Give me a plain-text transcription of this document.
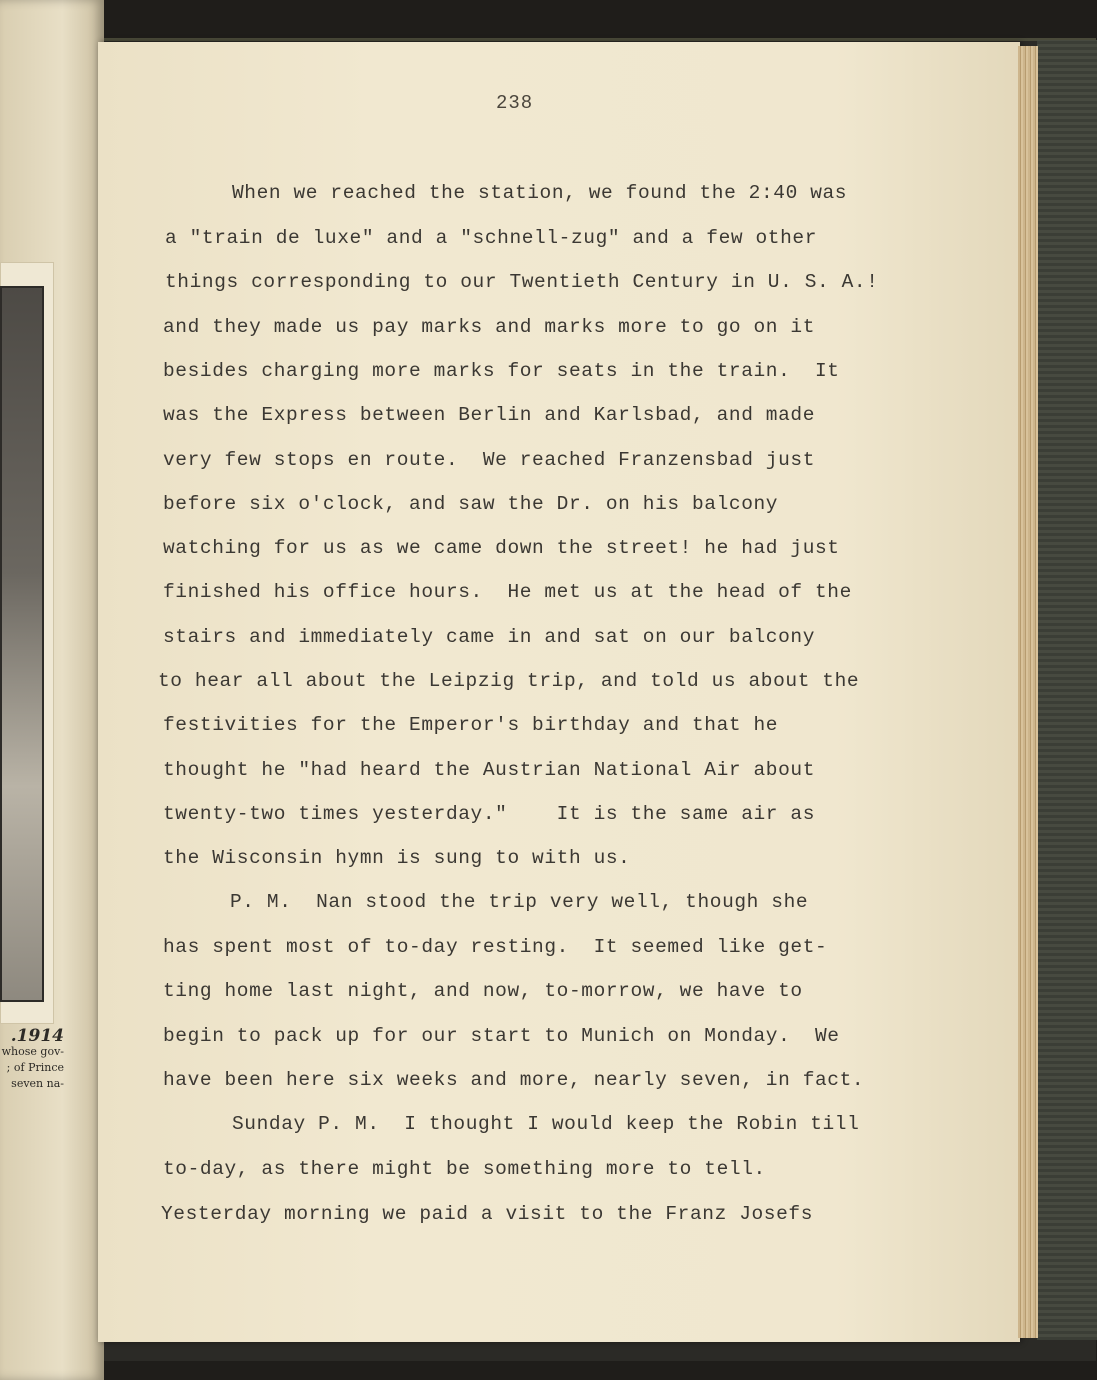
.1914
whose gov-
; of Prince
seven na-
238
When we reached the station, we found the 2:40 was
a "train de luxe" and a "schnell-zug" and a few other
things corresponding to our Twentieth Century in U. S. A.!
and they made us pay marks and marks more to go on it
besides charging more marks for seats in the train.  It
was the Express between Berlin and Karlsbad, and made
very few stops en route.  We reached Franzensbad just
before six o'clock, and saw the Dr. on his balcony
watching for us as we came down the street! he had just
finished his office hours.  He met us at the head of the
stairs and immediately came in and sat on our balcony
to hear all about the Leipzig trip, and told us about the
festivities for the Emperor's birthday and that he
thought he "had heard the Austrian National Air about
twenty-two times yesterday."    It is the same air as
the Wisconsin hymn is sung to with us.
P. M.  Nan stood the trip very well, though she
has spent most of to-day resting.  It seemed like get-
ting home last night, and now, to-morrow, we have to
begin to pack up for our start to Munich on Monday.  We
have been here six weeks and more, nearly seven, in fact.
Sunday P. M.  I thought I would keep the Robin till
to-day, as there might be something more to tell.
Yesterday morning we paid a visit to the Franz Josefs
